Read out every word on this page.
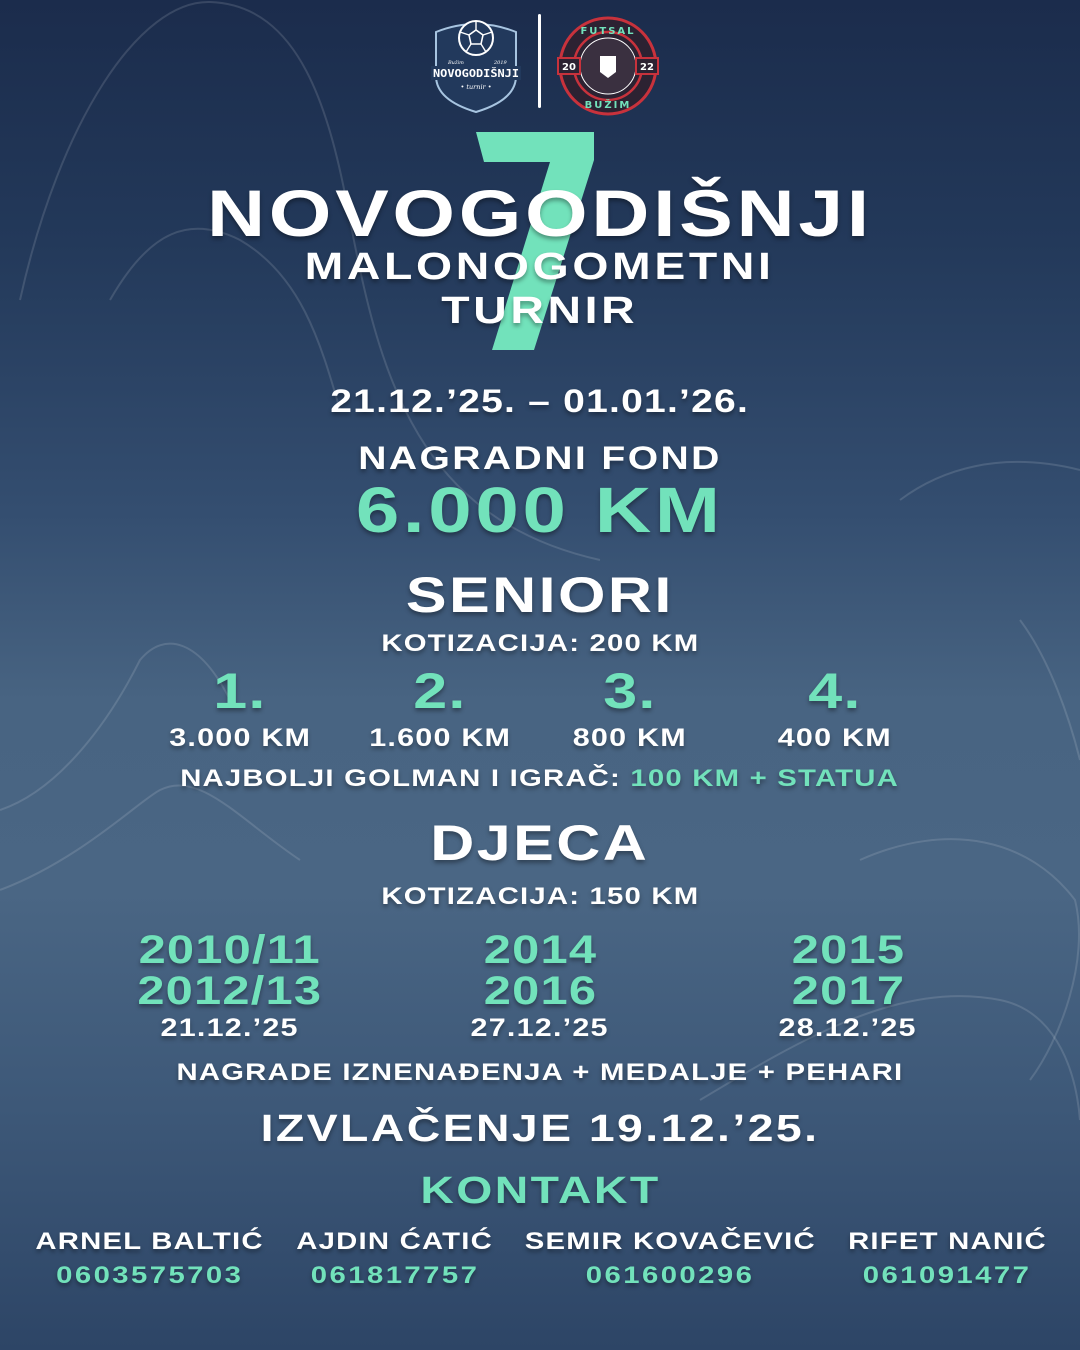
Bužim	2019
NOVOGODIŠNJI
• turnir •
FUTSAL
BUŽIM
20	22
NOVOGODIŠNJI
MALONOGOMETNI
TURNIR
21.12.’25. – 01.01.’26.
NAGRADNI FOND
6.000 KM
SENIORI
KOTIZACIJA: 200 KM
1.
3.000 KM
2.
1.600 KM
3.
800 KM
4.
400 KM
NAJBOLJI GOLMAN I IGRAČ: 100 KM + STATUA
DJECA
KOTIZACIJA: 150 KM
2010/11
2012/13
21.12.’25
2014
2016
27.12.’25
2015
2017
28.12.’25
NAGRADE IZNENAĐENJA + MEDALJE + PEHARI
IZVLAČENJE 19.12.’25.
KONTAKT
ARNEL BALTIĆ
0603575703
AJDIN ĆATIĆ
061817757
SEMIR KOVAČEVIĆ
061600296
RIFET NANIĆ
061091477
